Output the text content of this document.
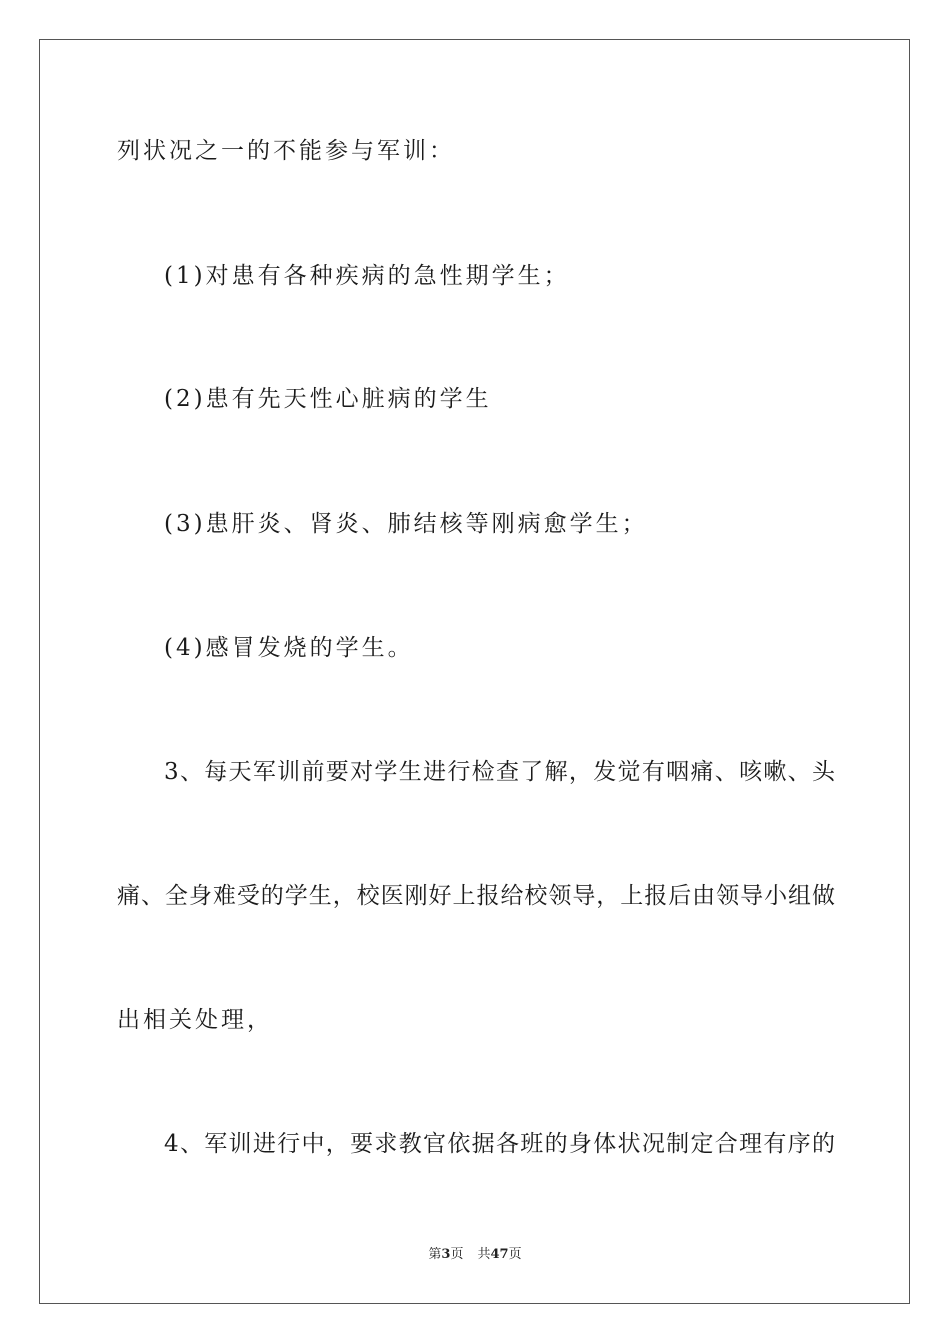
列状况之一的不能参与军训：
(1)对患有各种疾病的急性期学生；
(2)患有先天性心脏病的学生
(3)患肝炎、肾炎、肺结核等刚病愈学生；
(4)感冒发烧的学生。
3、每天军训前要对学生进行检查了解，发觉有咽痛、咳嗽、头
痛、全身难受的学生，校医刚好上报给校领导，上报后由领导小组做
出相关处理，
4、军训进行中，要求教官依据各班的身体状况制定合理有序的
第3页 共47页
